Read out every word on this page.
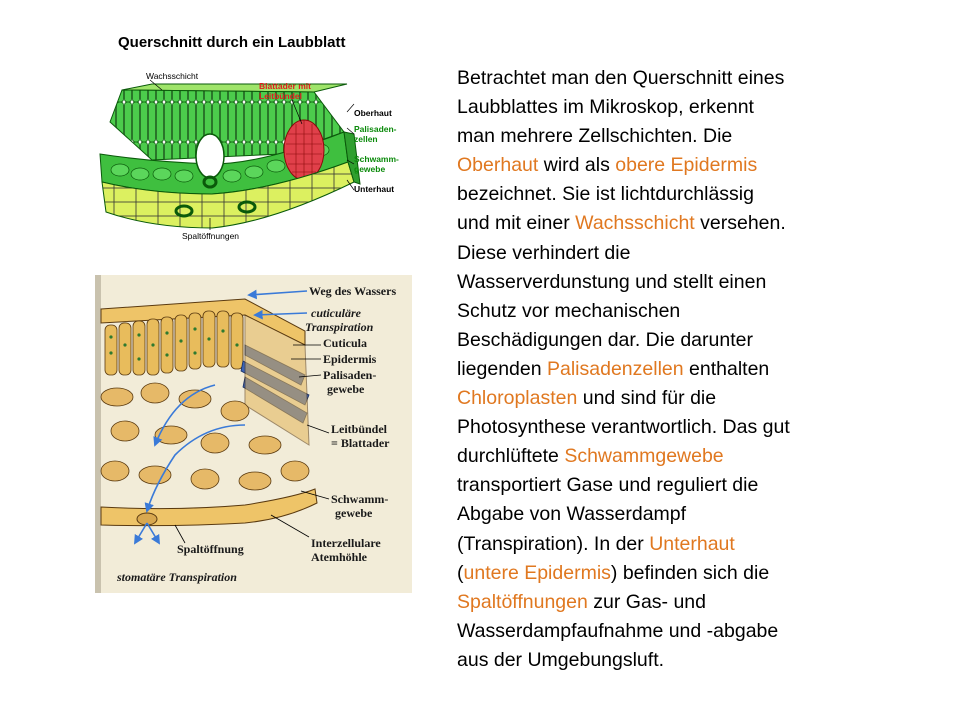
Querschnitt durch ein Laubblatt
Wachsschicht
Blattader mit
Leitbündel
Oberhaut
Palisaden-
zellen
Schwamm-
gewebe
Unterhaut
Spaltöffnungen
Weg des Wassers
cuticuläre
Transpiration
Cuticula
Epidermis
Palisaden-
gewebe
Leitbündel
= Blattader
Schwamm-
gewebe
Spaltöffnung	Interzellulare
Atemhöhle
stomatäre Transpiration
Betrachtet man den Querschnitt eines
Laubblattes im Mikroskop, erkennt
man mehrere Zellschichten. Die
Oberhaut wird als obere Epidermis
bezeichnet. Sie ist lichtdurchlässig
und mit einer Wachsschicht versehen.
Diese verhindert die
Wasserverdunstung und stellt einen
Schutz vor mechanischen
Beschädigungen dar. Die darunter
liegenden Palisadenzellen enthalten
Chloroplasten und sind für die
Photosynthese verantwortlich. Das gut
durchlüftete Schwammgewebe
transportiert Gase und reguliert die
Abgabe von Wasserdampf
(Transpiration). In der Unterhaut
(untere Epidermis) befinden sich die
Spaltöffnungen zur Gas- und
Wasserdampfaufnahme und -abgabe
aus der Umgebungsluft.
